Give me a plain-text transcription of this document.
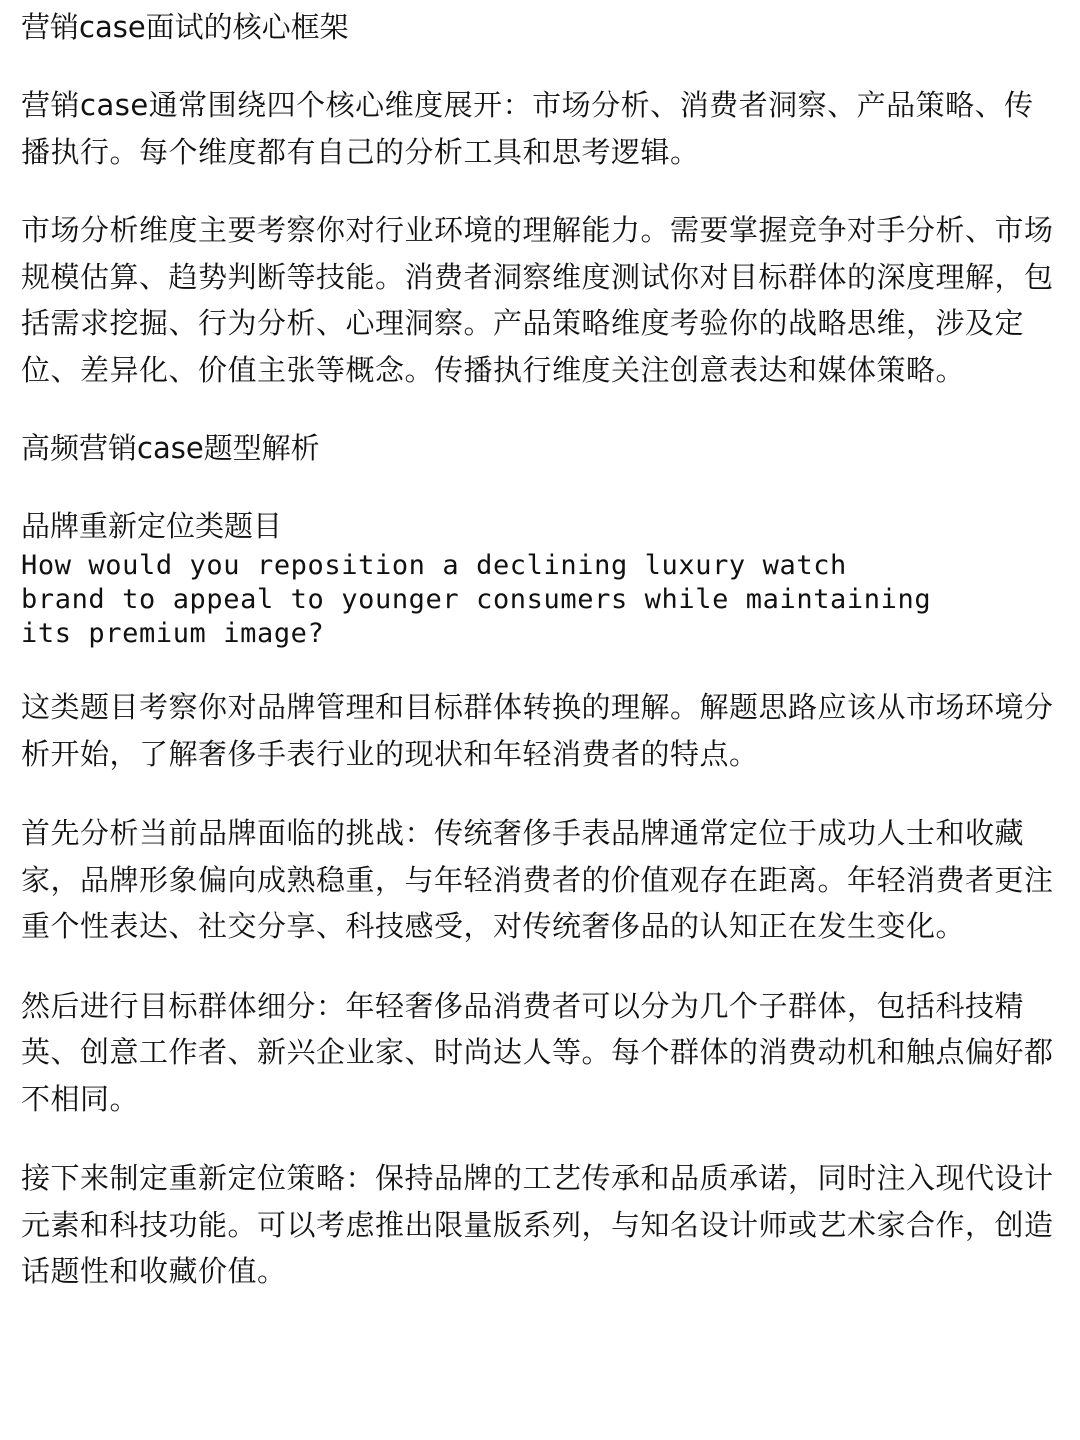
营销case面试的核心框架

营销case通常围绕四个核心维度展开：市场分析、消费者洞察、产品策略、传播执行。每个维度都有自己的分析工具和思考逻辑。

市场分析维度主要考察你对行业环境的理解能力。需要掌握竞争对手分析、市场规模估算、趋势判断等技能。消费者洞察维度测试你对目标群体的深度理解，包括需求挖掘、行为分析、心理洞察。产品策略维度考验你的战略思维，涉及定位、差异化、价值主张等概念。传播执行维度关注创意表达和媒体策略。

高频营销case题型解析
品牌重新定位类题目

How would you reposition a declining luxury watch
brand to appeal to younger consumers while maintaining
its premium image?

这类题目考察你对品牌管理和目标群体转换的理解。解题思路应该从市场环境分析开始，了解奢侈手表行业的现状和年轻消费者的特点。

首先分析当前品牌面临的挑战：传统奢侈手表品牌通常定位于成功人士和收藏家，品牌形象偏向成熟稳重，与年轻消费者的价值观存在距离。年轻消费者更注重个性表达、社交分享、科技感受，对传统奢侈品的认知正在发生变化。

然后进行目标群体细分：年轻奢侈品消费者可以分为几个子群体，包括科技精英、创意工作者、新兴企业家、时尚达人等。每个群体的消费动机和触点偏好都不相同。

接下来制定重新定位策略：保持品牌的工艺传承和品质承诺，同时注入现代设计元素和科技功能。可以考虑推出限量版系列，与知名设计师或艺术家合作，创造话题性和收藏价值。
